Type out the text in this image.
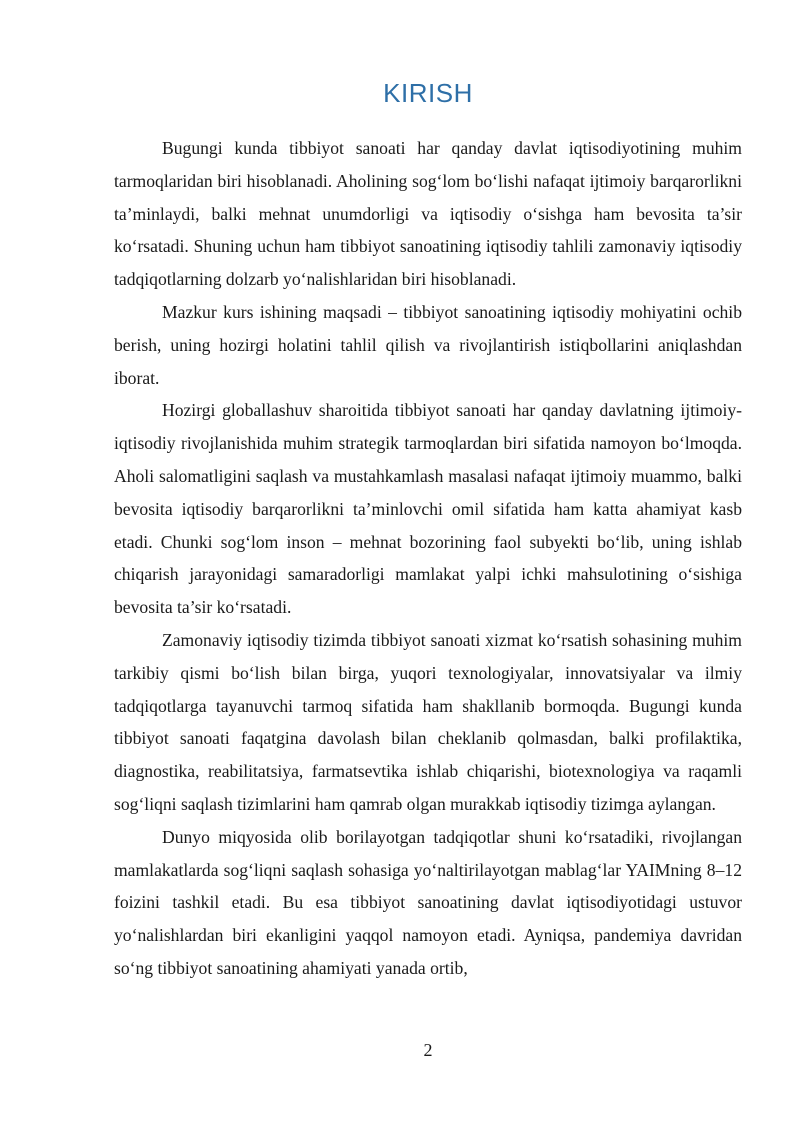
KIRISH

Bugungi kunda tibbiyot sanoati har qanday davlat iqtisodiyotining muhim tarmoqlaridan biri hisoblanadi. Aholining sog‘lom bo‘lishi nafaqat ijtimoiy barqarorlikni ta’minlaydi, balki mehnat unumdorligi va iqtisodiy o‘sishga ham bevosita ta’sir ko‘rsatadi. Shuning uchun ham tibbiyot sanoatining iqtisodiy tahlili zamonaviy iqtisodiy tadqiqotlarning dolzarb yo‘nalishlaridan biri hisoblanadi.

Mazkur kurs ishining maqsadi – tibbiyot sanoatining iqtisodiy mohiyatini ochib berish, uning hozirgi holatini tahlil qilish va rivojlantirish istiqbollarini aniqlashdan iborat.

Hozirgi globallashuv sharoitida tibbiyot sanoati har qanday davlatning ijtimoiy-iqtisodiy rivojlanishida muhim strategik tarmoqlardan biri sifatida namoyon bo‘lmoqda. Aholi salomatligini saqlash va mustahkamlash masalasi nafaqat ijtimoiy muammo, balki bevosita iqtisodiy barqarorlikni ta’minlovchi omil sifatida ham katta ahamiyat kasb etadi. Chunki sog‘lom inson – mehnat bozorining faol subyekti bo‘lib, uning ishlab chiqarish jarayonidagi samaradorligi mamlakat yalpi ichki mahsulotining o‘sishiga bevosita ta’sir ko‘rsatadi.

Zamonaviy iqtisodiy tizimda tibbiyot sanoati xizmat ko‘rsatish sohasining muhim tarkibiy qismi bo‘lish bilan birga, yuqori texnologiyalar, innovatsiyalar va ilmiy tadqiqotlarga tayanuvchi tarmoq sifatida ham shakllanib bormoqda. Bugungi kunda tibbiyot sanoati faqatgina davolash bilan cheklanib qolmasdan, balki profilaktika, diagnostika, reabilitatsiya, farmatsevtika ishlab chiqarishi, biotexnologiya va raqamli sog‘liqni saqlash tizimlarini ham qamrab olgan murakkab iqtisodiy tizimga aylangan.

Dunyo miqyosida olib borilayotgan tadqiqotlar shuni ko‘rsatadiki, rivojlangan mamlakatlarda sog‘liqni saqlash sohasiga yo‘naltirilayotgan mablag‘lar YAIMning 8–12 foizini tashkil etadi. Bu esa tibbiyot sanoatining davlat iqtisodiyotidagi ustuvor yo‘nalishlardan biri ekanligini yaqqol namoyon etadi. Ayniqsa, pandemiya davridan so‘ng tibbiyot sanoatining ahamiyati yanada ortib,

2
